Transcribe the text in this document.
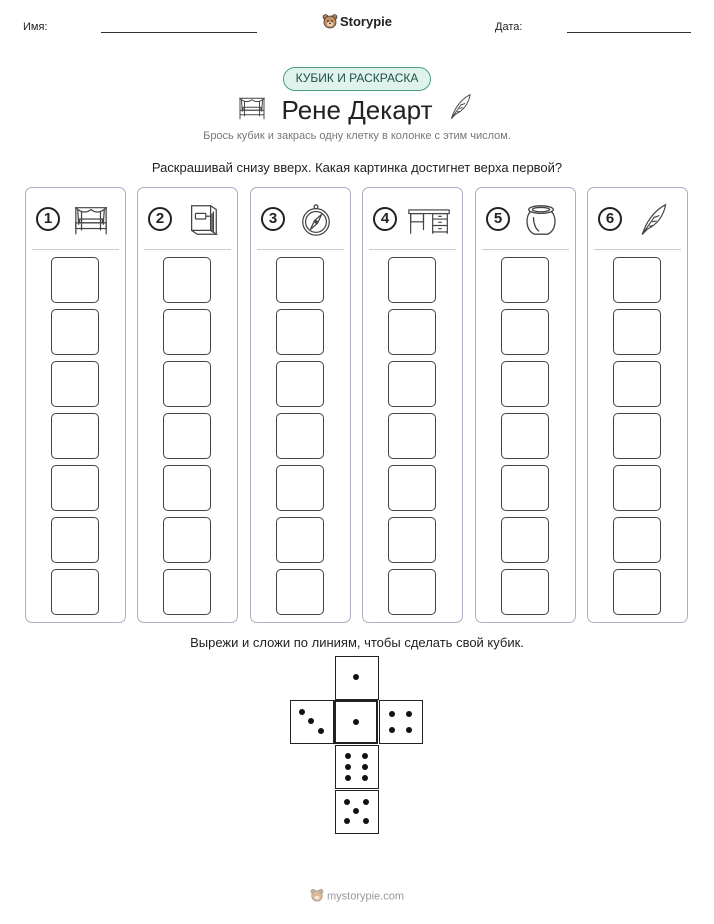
Имя:	Storypie	Дата:
КУБИК И РАСКРАСКА
Рене Декарт
Брось кубик и закрась одну клетку в колонке с этим числом.
Раскрашивай снизу вверх. Какая картинка достигнет верха первой?
1	2	3	4	5	6
Вырежи и сложи по линиям, чтобы сделать свой кубик.
mystorypie.com
